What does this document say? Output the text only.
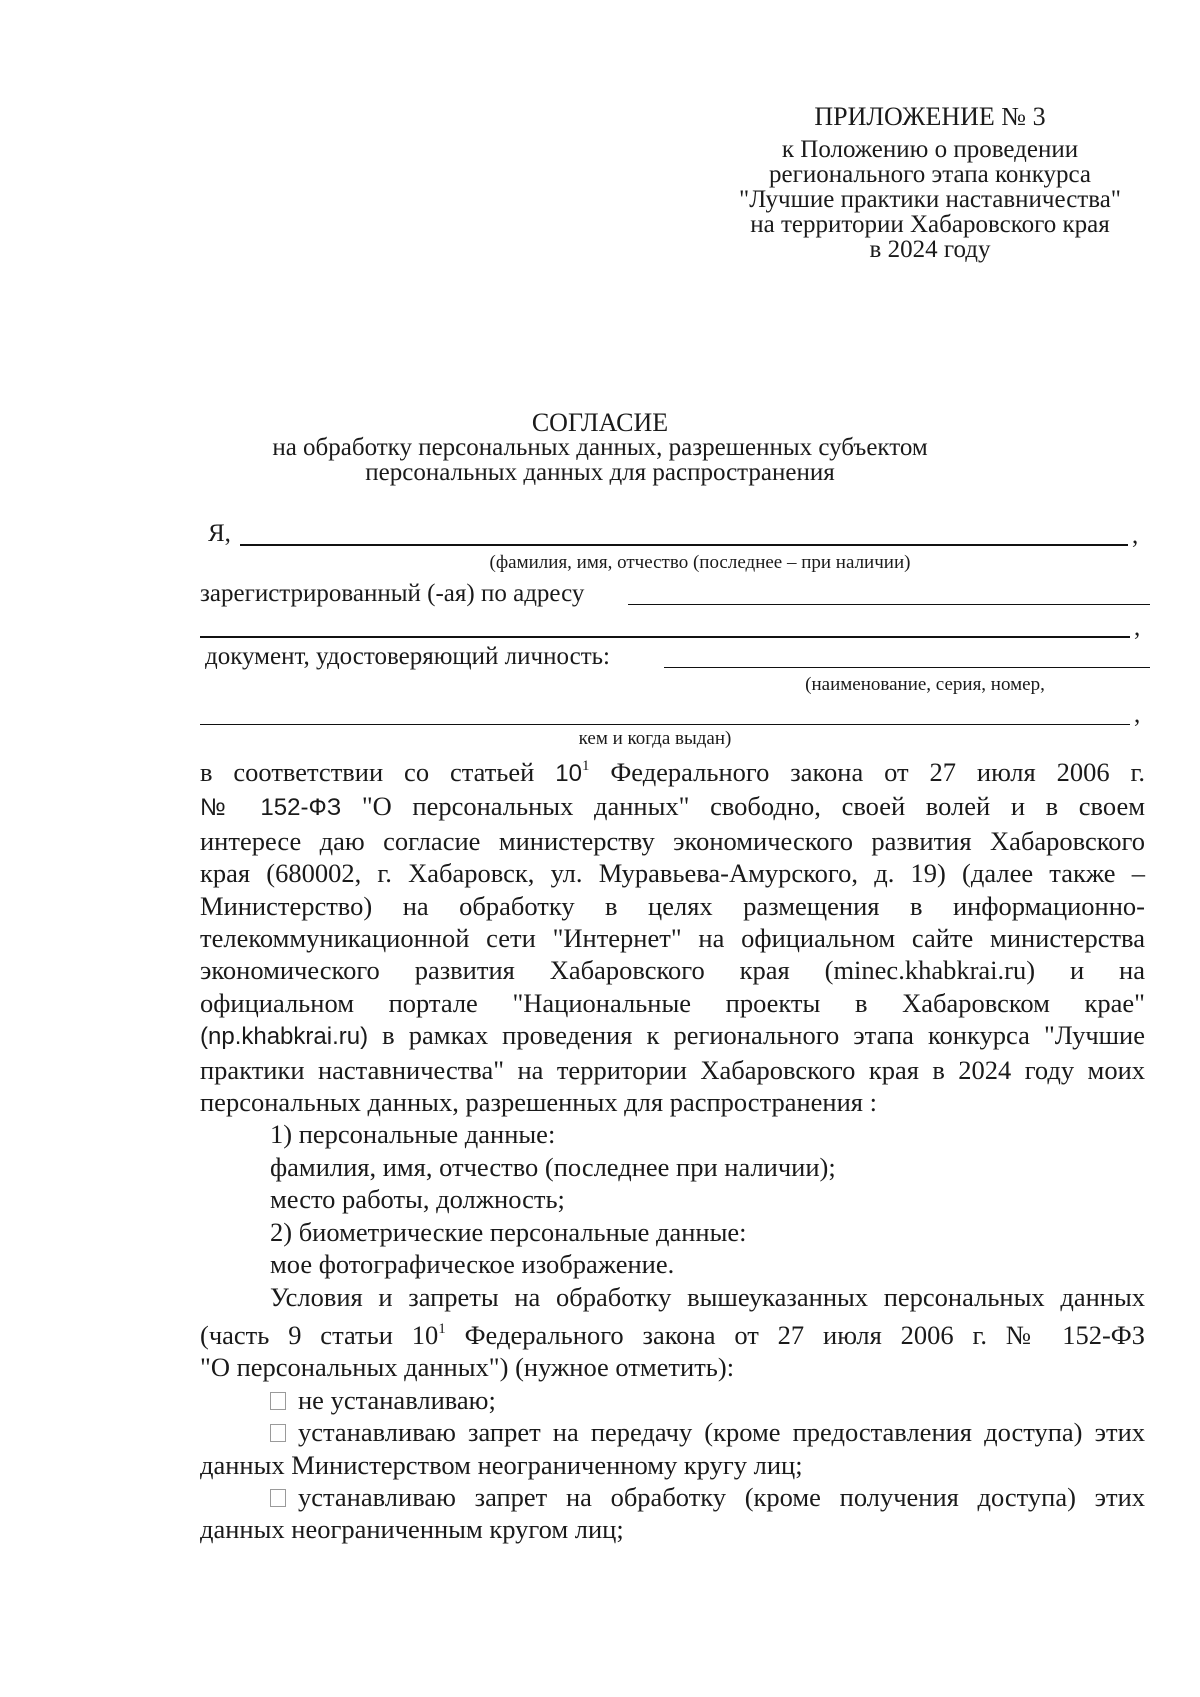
ПРИЛОЖЕНИЕ № 3
к Положению о проведении
регионального этапа конкурса
"Лучшие практики наставничества"
на территории Хабаровского края
в 2024 году
СОГЛАСИЕ
на обработку персональных данных, разрешенных субъектом
персональных данных для распространения
Я,	,
(фамилия, имя, отчество (последнее – при наличии)
зарегистрированный (-ая) по адресу
,
документ, удостоверяющий личность:
(наименование, серия, номер,
,
кем и когда выдан)

в соответствии со статьей $10^1$ Федерального закона от 27 июля 2006 г.

№ 152-ФЗ "О персональных данных" свободно, своей волей и в своем

интересе даю согласие министерству экономического развития Хабаровского

края (680002, г. Хабаровск, ул. Муравьева-Амурского, д. 19) (далее также –

Министерство) на обработку в целях размещения в информационно-

телекоммуникационной сети "Интернет" на официальном сайте министерства

экономического развития Хабаровского края (minec.khabkrai.ru) и на

официальном портале "Национальные проекты в Хабаровском крае"

(np.khabkrai.ru) в рамках проведения к регионального этапа конкурса "Лучшие

практики наставничества" на территории Хабаровского края в 2024 году моих

персональных данных, разрешенных для распространения :

1) персональные данные:

фамилия, имя, отчество (последнее при наличии);

место работы, должность;

2) биометрические персональные данные:

мое фотографическое изображение.

Условия и запреты на обработку вышеуказанных персональных данных

(часть 9 статьи $10^1$ Федерального закона от 27 июля 2006 г. № 152-ФЗ

"О персональных данных") (нужное отметить):

не устанавливаю;

устанавливаю запрет на передачу (кроме предоставления доступа) этих

данных Министерством неограниченному кругу лиц;

устанавливаю запрет на обработку (кроме получения доступа) этих

данных неограниченным кругом лиц;
